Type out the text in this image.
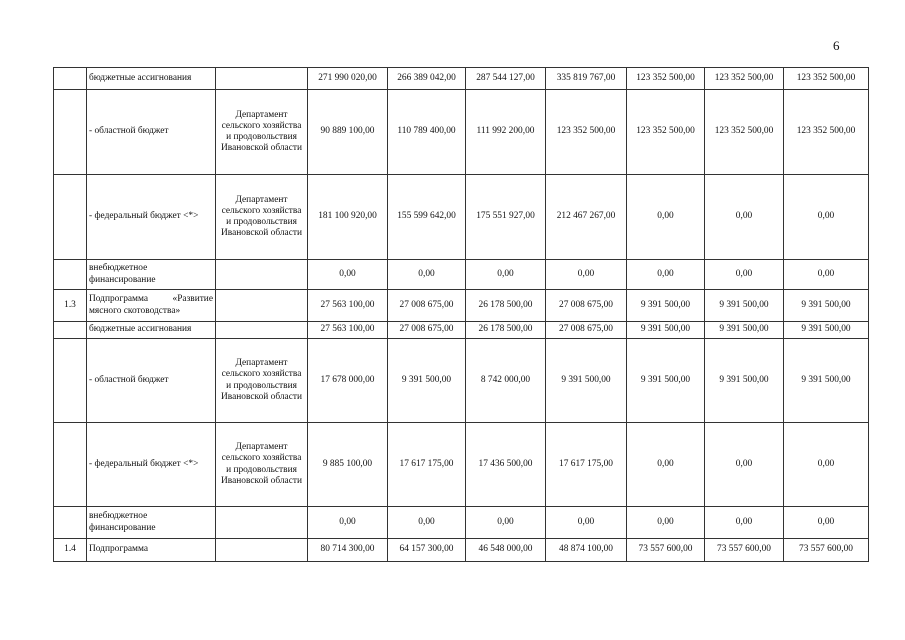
6
	бюджетные ассигнования		271 990 020,00	266 389 042,00	287 544 127,00	335 819 767,00	123 352 500,00	123 352 500,00	123 352 500,00
	- областной бюджет	Департамент сельского хозяйства и продовольствия Ивановской области	90 889 100,00	110 789 400,00	111 992 200,00	123 352 500,00	123 352 500,00	123 352 500,00	123 352 500,00
	- федеральный бюджет <*>	Департамент сельского хозяйства и продовольствия Ивановской области	181 100 920,00	155 599 642,00	175 551 927,00	212 467 267,00	0,00	0,00	0,00
	внебюджетное финансирование		0,00	0,00	0,00	0,00	0,00	0,00	0,00
1.3	Подпрограмма «Развитие мясного скотоводства»		27 563 100,00	27 008 675,00	26 178 500,00	27 008 675,00	9 391 500,00	9 391 500,00	9 391 500,00
	бюджетные ассигнования		27 563 100,00	27 008 675,00	26 178 500,00	27 008 675,00	9 391 500,00	9 391 500,00	9 391 500,00
	- областной бюджет	Департамент сельского хозяйства и продовольствия Ивановской области	17 678 000,00	9 391 500,00	8 742 000,00	9 391 500,00	9 391 500,00	9 391 500,00	9 391 500,00
	- федеральный бюджет <*>	Департамент сельского хозяйства и продовольствия Ивановской области	9 885 100,00	17 617 175,00	17 436 500,00	17 617 175,00	0,00	0,00	0,00
	внебюджетное финансирование		0,00	0,00	0,00	0,00	0,00	0,00	0,00
1.4	Подпрограмма		80 714 300,00	64 157 300,00	46 548 000,00	48 874 100,00	73 557 600,00	73 557 600,00	73 557 600,00
